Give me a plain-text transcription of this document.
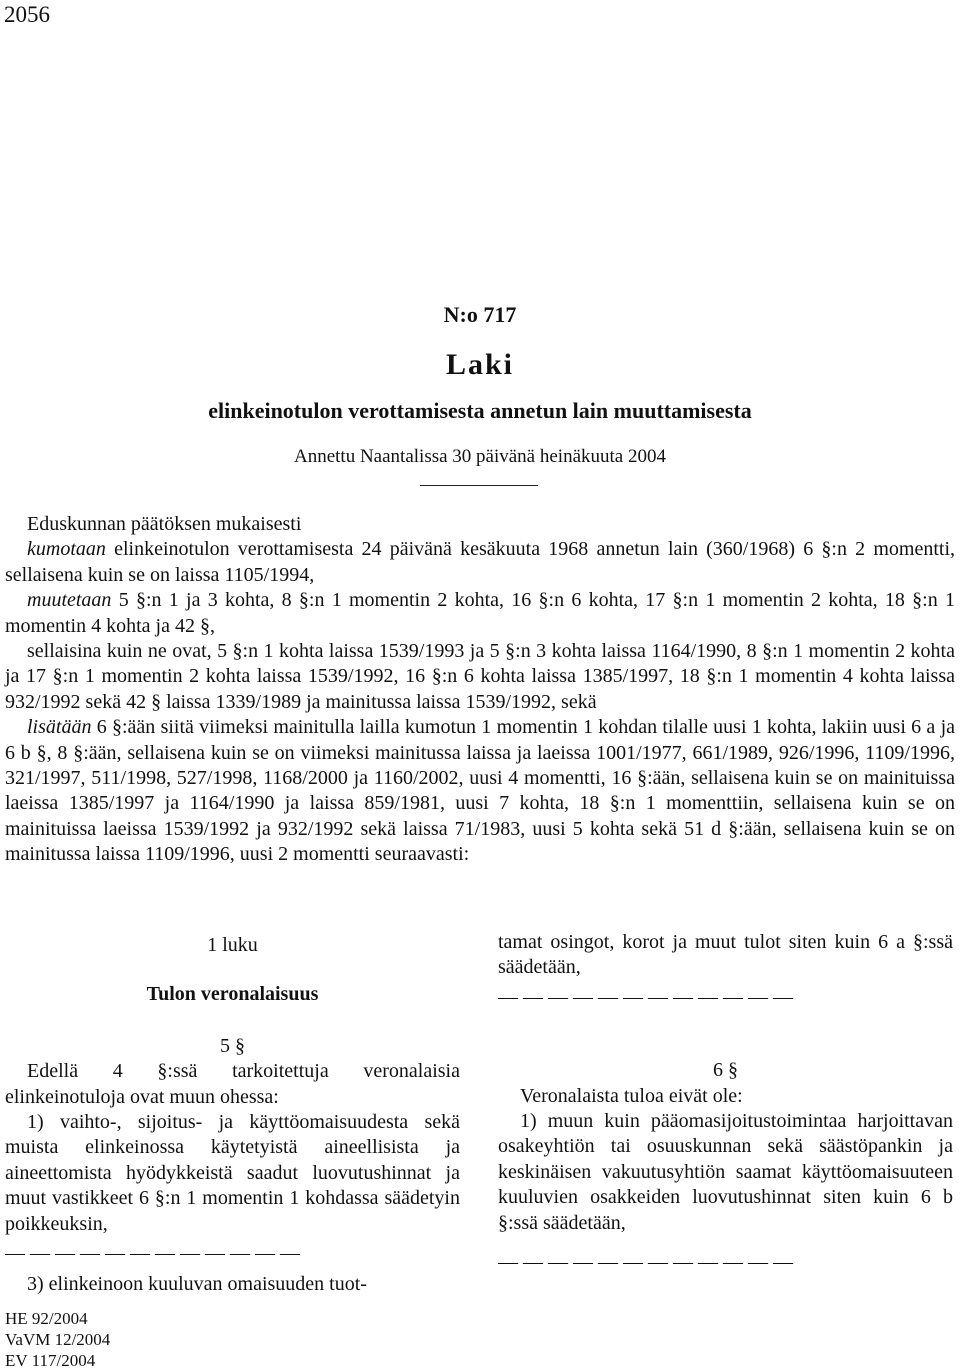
2056
N:o 717
Laki
elinkeinotulon verottamisesta annetun lain muuttamisesta
Annettu Naantalissa 30 päivänä heinäkuuta 2004

Eduskunnan päätöksen mukaisesti

kumotaan elinkeinotulon verottamisesta 24 päivänä kesäkuuta 1968 annetun lain (360/1968) 6 §:n 2 momentti, sellaisena kuin se on laissa 1105/1994,

muutetaan 5 §:n 1 ja 3 kohta, 8 §:n 1 momentin 2 kohta, 16 §:n 6 kohta, 17 §:n 1 momentin 2 kohta, 18 §:n 1 momentin 4 kohta ja 42 §,

sellaisina kuin ne ovat, 5 §:n 1 kohta laissa 1539/1993 ja 5 §:n 3 kohta laissa 1164/1990, 8 §:n 1 momentin 2 kohta ja 17 §:n 1 momentin 2 kohta laissa 1539/1992, 16 §:n 6 kohta laissa 1385/1997, 18 §:n 1 momentin 4 kohta laissa 932/1992 sekä 42 § laissa 1339/1989 ja mainitussa laissa 1539/1992, sekä

lisätään 6 §:ään siitä viimeksi mainitulla lailla kumotun 1 momentin 1 kohdan tilalle uusi 1 kohta, lakiin uusi 6 a ja 6 b §, 8 §:ään, sellaisena kuin se on viimeksi mainitussa laissa ja laeissa 1001/1977, 661/1989, 926/1996, 1109/1996, 321/1997, 511/1998, 527/1998, 1168/2000 ja 1160/2002, uusi 4 momentti, 16 §:ään, sellaisena kuin se on mainituissa laeissa 1385/1997 ja 1164/1990 ja laissa 859/1981, uusi 7 kohta, 18 §:n 1 momenttiin, sellaisena kuin se on mainituissa laeissa 1539/1992 ja 932/1992 sekä laissa 71/1983, uusi 5 kohta sekä 51 d §:ään, sellaisena kuin se on mainitussa laissa 1109/1996, uusi 2 momentti seuraavasti:

1 luku

Tulon veronalaisuus

5 §

Edellä 4 §:ssä tarkoitettuja veronalaisia elinkeinotuloja ovat muun ohessa:

1) vaihto-, sijoitus- ja käyttöomaisuudesta sekä muista elinkeinossa käytetyistä aineellisista ja aineettomista hyödykkeistä saadut luovutushinnat ja muut vastikkeet 6 §:n 1 momentin 1 kohdassa säädetyin poikkeuksin,

— — — — — — — — — — — —

3) elinkeinoon kuuluvan omaisuuden tuot-

tamat osingot, korot ja muut tulot siten kuin 6 a §:ssä säädetään,

— — — — — — — — — — — —

6 §

Veronalaista tuloa eivät ole:

1) muun kuin pääomasijoitustoimintaa harjoittavan osakeyhtiön tai osuuskunnan sekä säästöpankin ja keskinäisen vakuutusyhtiön saamat käyttöomaisuuteen kuuluvien osakkeiden luovutushinnat siten kuin 6 b §:ssä säädetään,

— — — — — — — — — — — —

HE 92/2004
VaVM 12/2004
EV 117/2004
